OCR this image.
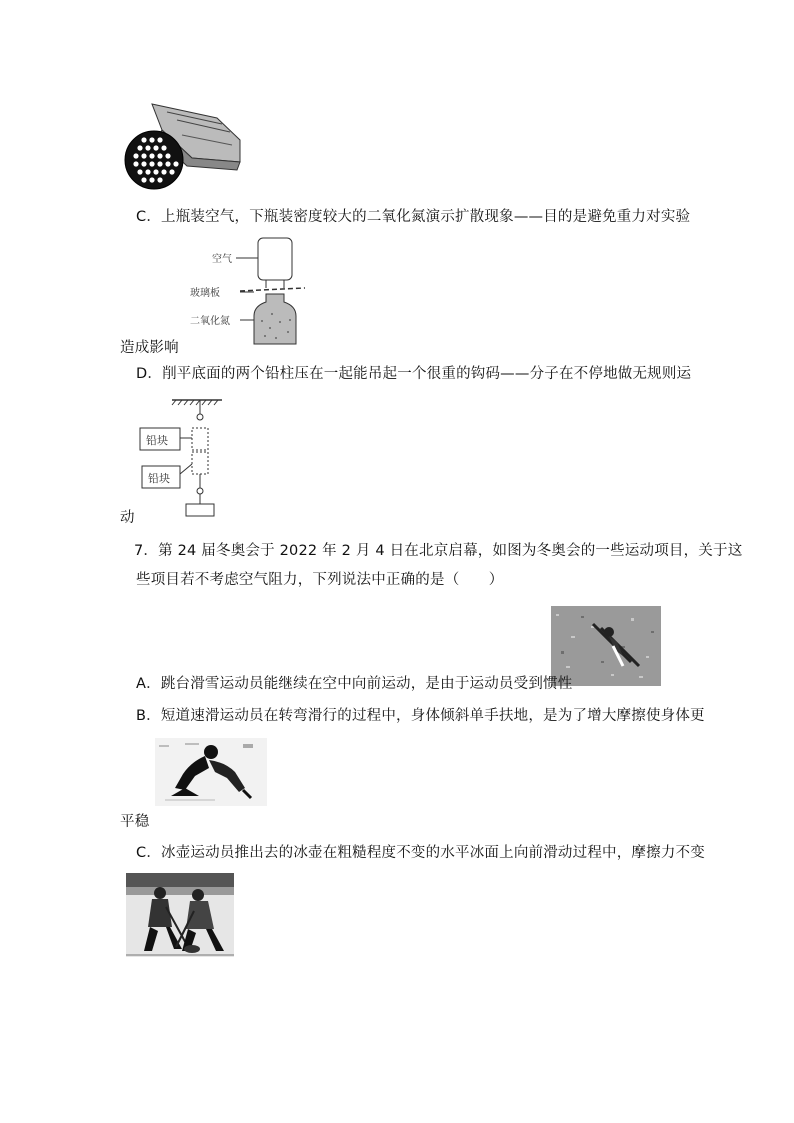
C．上瓶装空气，下瓶装密度较大的二氧化氮演示扩散现象——目的是避免重力对实验
空气
玻璃板
二氧化氮
造成影响
D．削平底面的两个铅柱压在一起能吊起一个很重的钩码——分子在不停地做无规则运
铅块
铅块
动
7．第 24 届冬奥会于 2022 年 2 月 4 日在北京启幕，如图为冬奥会的一些运动项目，关于这
些项目若不考虑空气阻力，下列说法中正确的是（　　）
A．跳台滑雪运动员能继续在空中向前运动，是由于运动员受到惯性
B．短道速滑运动员在转弯滑行的过程中，身体倾斜单手扶地，是为了增大摩擦使身体更
平稳
C．冰壶运动员推出去的冰壶在粗糙程度不变的水平冰面上向前滑动过程中，摩擦力不变
